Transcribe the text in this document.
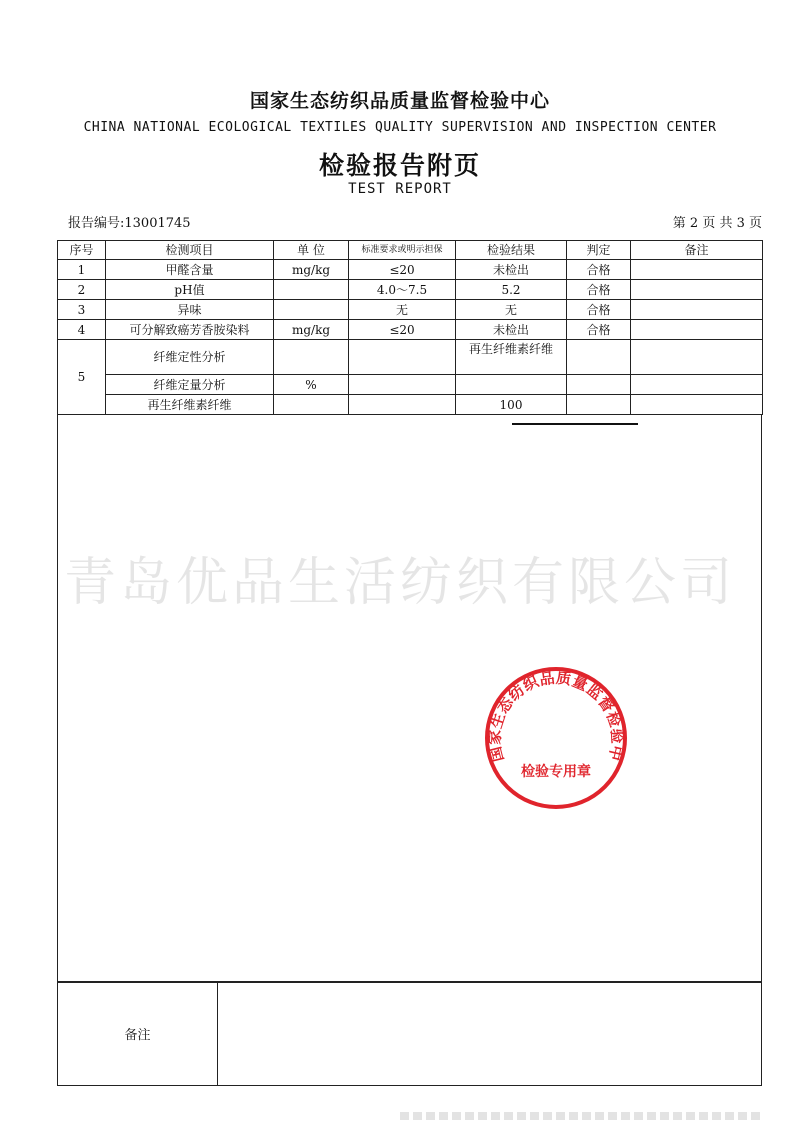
国家生态纺织品质量监督检验中心
CHINA NATIONAL ECOLOGICAL TEXTILES QUALITY SUPERVISION AND INSPECTION CENTER
检验报告附页
TEST REPORT
报告编号:13001745	第 2 页 共 3 页
序号	检测项目	单 位	标准要求或明示担保	检验结果	判定	备注
1	甲醛含量	mg/kg	≤20	未检出	合格	
2	pH值		4.0～7.5	5.2	合格	
3	异味		无	无	合格	
4	可分解致癌芳香胺染料	mg/kg	≤20	未检出	合格	
5	纤维定性分析			再生纤维素纤维		
	纤维定量分析	%				
	再生纤维素纤维			100		
青岛优品生活纺织有限公司
国家生态纺织品质量监督检验中
检验专用章
备注
